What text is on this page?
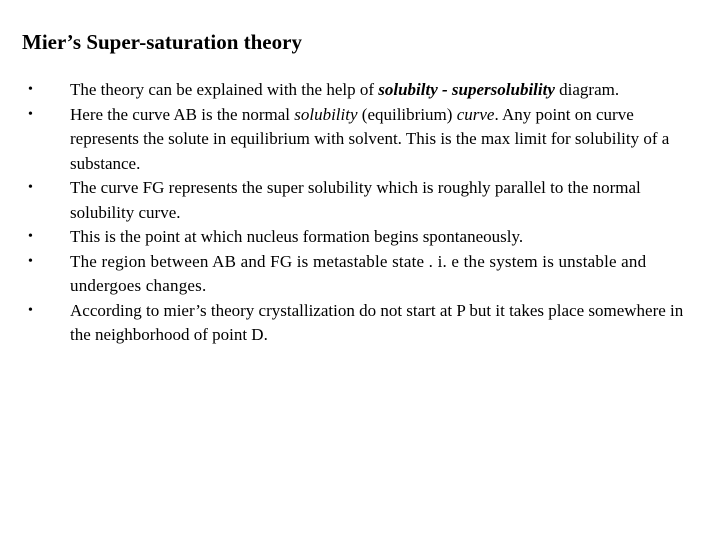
Mier’s Super-saturation theory
• The theory can be explained with the help of solubilty - supersolubility diagram.
• Here the curve AB is the normal solubility (equilibrium) curve. Any point on curve represents the solute in equilibrium with solvent. This is the max limit for solubility of a substance.
• The curve FG represents the super solubility which is roughly parallel to the normal solubility curve.
• This is the point at which nucleus formation begins spontaneously.
• The region between AB and FG is metastable state . i. e the system is unstable and undergoes changes.
• According to mier’s theory crystallization do not start at P but it takes place somewhere in the neighborhood of point D.
